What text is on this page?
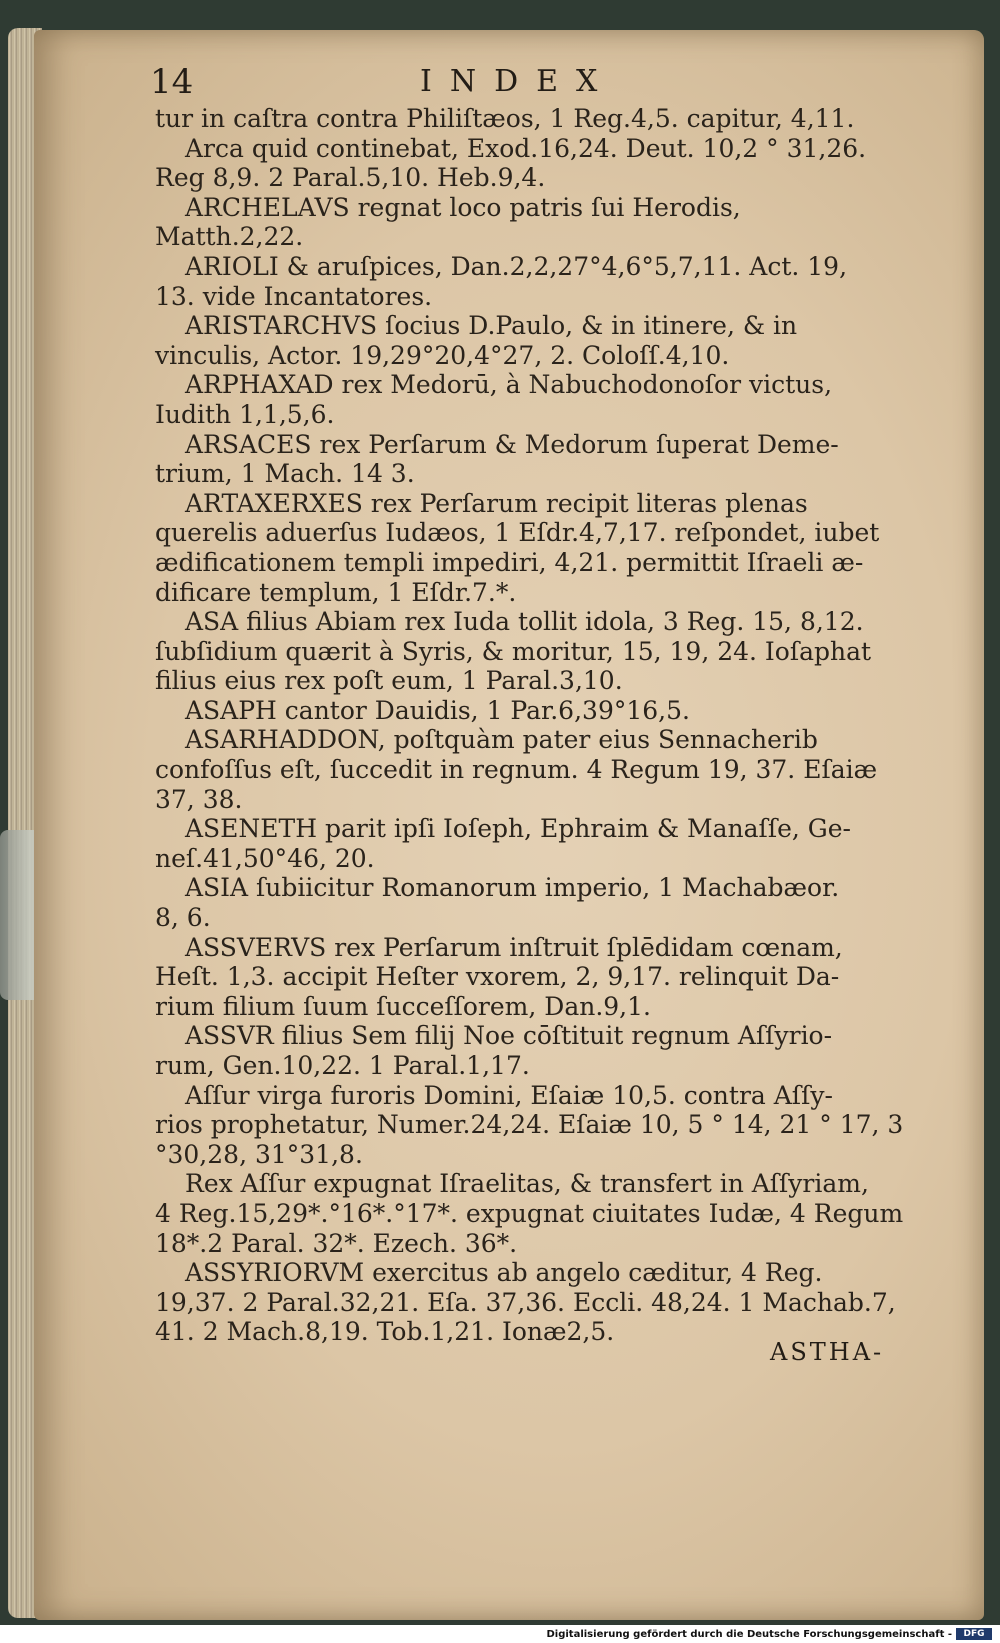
14	INDEX
tur in caſtra contra Philiſtæos, 1 Reg.4,5. capitur, 4,11.
Arca quid continebat, Exod.16,24. Deut. 10,2 ° 31,26.
Reg 8,9. 2 Paral.5,10. Heb.9,4.
ARCHELAVS regnat loco patris ſui Herodis,
Matth.2,22.
ARIOLI & aruſpices, Dan.2,2,27°4,6°5,7,11. Act. 19,
13. vide Incantatores.
ARISTARCHVS ſocius D.Paulo, & in itinere, & in
vinculis, Actor. 19,29°20,4°27, 2. Coloſſ.4,10.
ARPHAXAD rex Medorū, à Nabuchodonoſor victus,
Iudith 1,1,5,6.
ARSACES rex Perſarum & Medorum ſuperat Deme-
trium, 1 Mach. 14 3.
ARTAXERXES rex Perſarum recipit literas plenas
querelis aduerſus Iudæos, 1 Eſdr.4,7,17. reſpondet, iubet
ædificationem templi impediri, 4,21. permittit Iſraeli æ-
dificare templum, 1 Eſdr.7.*.
ASA filius Abiam rex Iuda tollit idola, 3 Reg. 15, 8,12.
ſubſidium quærit à Syris, & moritur, 15, 19, 24. Ioſaphat
filius eius rex poſt eum, 1 Paral.3,10.
ASAPH cantor Dauidis, 1 Par.6,39°16,5.
ASARHADDON, poſtquàm pater eius Sennacherib
confoſſus eſt, ſuccedit in regnum. 4 Regum 19, 37. Eſaiæ
37, 38.
ASENETH parit ipſi Ioſeph, Ephraim & Manaſſe, Ge-
neſ.41,50°46, 20.
ASIA ſubiicitur Romanorum imperio, 1 Machabæor.
8, 6.
ASSVERVS rex Perſarum inſtruit ſplēdidam cœnam,
Heſt. 1,3. accipit Heſter vxorem, 2, 9,17. relinquit Da-
rium filium ſuum ſucceſſorem, Dan.9,1.
ASSVR filius Sem filij Noe cōſtituit regnum Aſſyrio-
rum, Gen.10,22. 1 Paral.1,17.
Aſſur virga furoris Domini, Eſaiæ 10,5. contra Aſſy-
rios prophetatur, Numer.24,24. Eſaiæ 10, 5 ° 14, 21 ° 17, 3
°30,28, 31°31,8.
Rex Aſſur expugnat Iſraelitas, & transfert in Aſſyriam,
4 Reg.15,29*.°16*.°17*. expugnat ciuitates Iudæ, 4 Regum
18*.2 Paral. 32*. Ezech. 36*.
ASSYRIORVM exercitus ab angelo cæditur, 4 Reg.
19,37. 2 Paral.32,21. Eſa. 37,36. Eccli. 48,24. 1 Machab.7,
41. 2 Mach.8,19. Tob.1,21. Ionæ2,5.
ASTHA-
Digitalisierung gefördert durch die Deutsche Forschungsgemeinschaft -	DFG
